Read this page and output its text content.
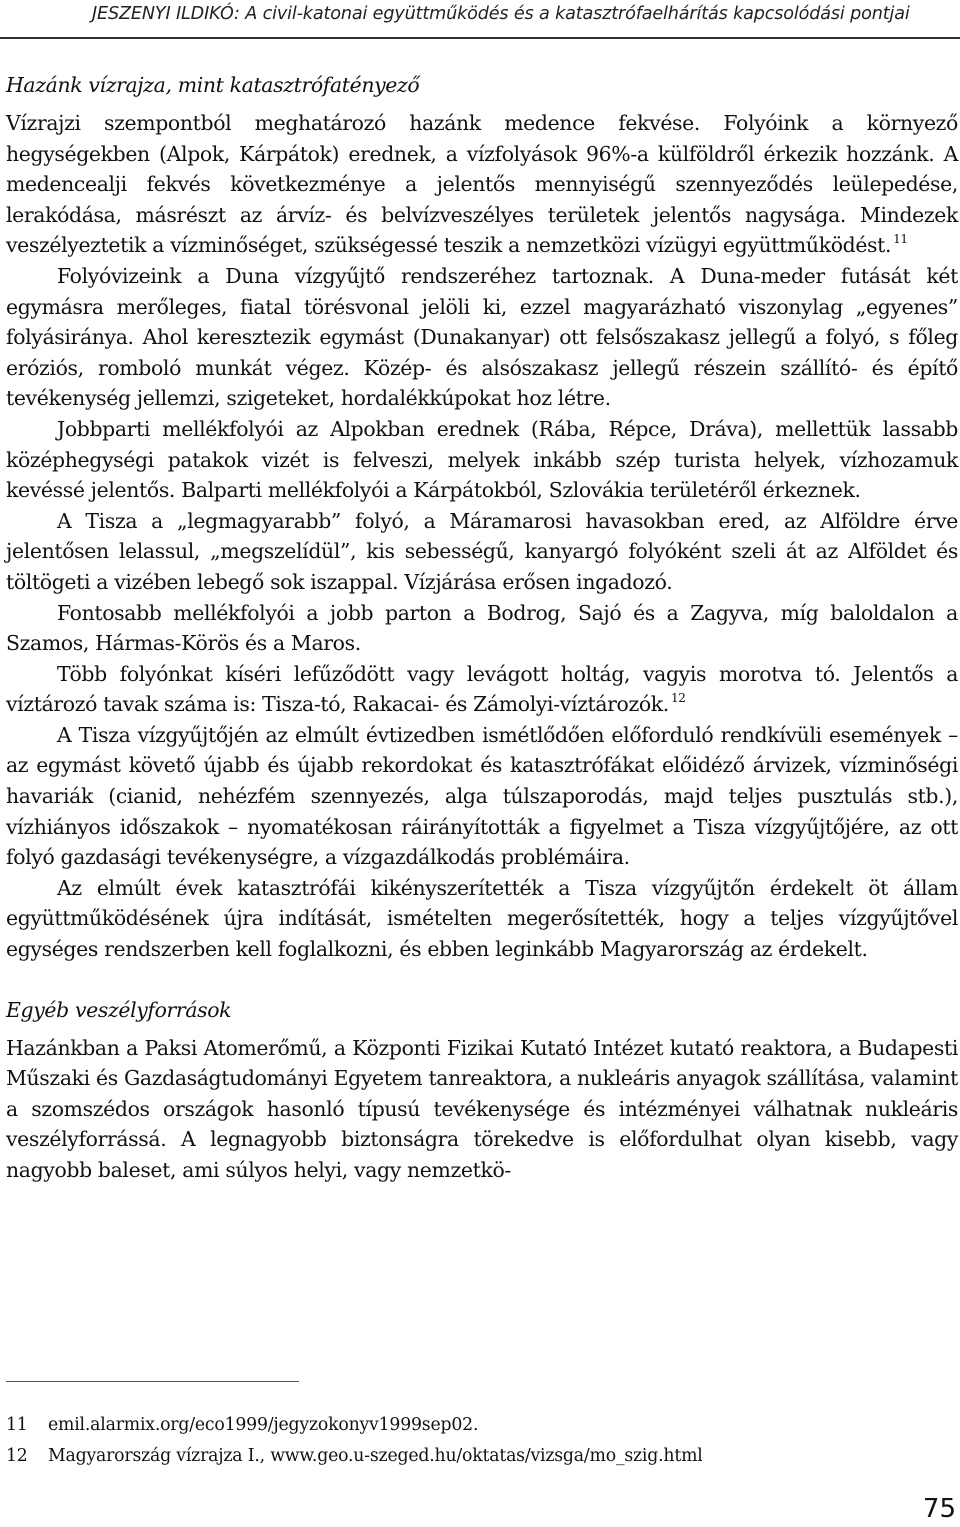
JESZENYI ILDIKÓ: A civil-katonai együttműködés és a katasztrófaelhárítás kapcsolódási pontjai
Hazánk vízrajza, mint katasztrófatényező

Vízrajzi szempontból meghatározó hazánk medence fekvése. Folyóink a környező hegységekben (Alpok, Kárpátok) erednek, a vízfolyások 96%-a külföldről érkezik hozzánk. A medencealji fekvés következménye a jelentős mennyiségű szennyeződés leülepedése, lerakódása, másrészt az árvíz- és belvízveszélyes területek jelentős nagysága. Mindezek veszélyeztetik a vízminőséget, szükségessé teszik a nemzetközi vízügyi együttműködést. $^{11}$

Folyóvizeink a Duna vízgyűjtő rendszeréhez tartoznak. A Duna-meder futását két egymásra merőleges, fiatal törésvonal jelöli ki, ezzel magyarázható viszonylag „egyenes” folyásiránya. Ahol keresztezik egymást (Dunakanyar) ott felsőszakasz jellegű a folyó, s főleg eróziós, romboló munkát végez. Közép- és alsószakasz jellegű részein szállító- és építő tevékenység jellemzi, szigeteket, hordalékkúpokat hoz létre.

Jobbparti mellékfolyói az Alpokban erednek (Rába, Répce, Dráva), mellettük lassabb középhegységi patakok vizét is felveszi, melyek inkább szép turista helyek, vízhozamuk kevéssé jelentős. Balparti mellékfolyói a Kárpátokból, Szlovákia területéről érkeznek.

A Tisza a „legmagyarabb” folyó, a Máramarosi havasokban ered, az Alföldre érve jelentősen lelassul, „megszelídül”, kis sebességű, kanyargó folyóként szeli át az Alföldet és töltögeti a vizében lebegő sok iszappal. Vízjárása erősen ingadozó.

Fontosabb mellékfolyói a jobb parton a Bodrog, Sajó és a Zagyva, míg baloldalon a Szamos, Hármas-Körös és a Maros.

Több folyónkat kíséri lefűződött vagy levágott holtág, vagyis morotva tó. Jelentős a víztározó tavak száma is: Tisza-tó, Rakacai- és Zámolyi-víztározók. $^{12}$

A Tisza vízgyűjtőjén az elmúlt évtizedben ismétlődően előforduló rendkívüli események – az egymást követő újabb és újabb rekordokat és katasztrófákat előidéző árvizek, vízminőségi havariák (cianid, nehézfém szennyezés, alga túlszaporodás, majd teljes pusztulás stb.), vízhiányos időszakok – nyomatékosan ráirányították a figyelmet a Tisza vízgyűjtőjére, az ott folyó gazdasági tevékenységre, a vízgazdálkodás problémáira.

Az elmúlt évek katasztrófái kikényszerítették a Tisza vízgyűjtőn érdekelt öt állam együttműködésének újra indítását, ismételten megerősítették, hogy a teljes vízgyűjtővel egységes rendszerben kell foglalkozni, és ebben leginkább Magyarország az érdekelt.

Egyéb veszélyforrások

Hazánkban a Paksi Atomerőmű, a Központi Fizikai Kutató Intézet kutató reaktora, a Budapesti Műszaki és Gazdaságtudományi Egyetem tanreaktora, a nukleáris anyagok szállítása, valamint a szomszédos országok hasonló típusú tevékenysége és intézményei válhatnak nukleáris veszélyforrássá. A legnagyobb biztonságra törekedve is előfordulhat olyan kisebb, vagy nagyobb baleset, ami súlyos helyi, vagy nemzetkö-

11	emil.alarmix.org/eco1999/jegyzokonyv1999sep02.
12	Magyarország vízrajza I., www.geo.u-szeged.hu/oktatas/vizsga/mo_szig.html
75
